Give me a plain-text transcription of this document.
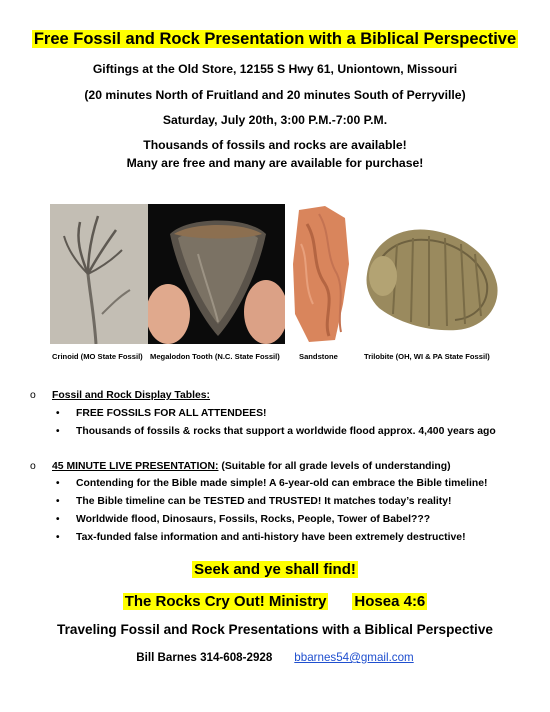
Free Fossil and Rock Presentation with a Biblical Perspective
Giftings at the Old Store, 12155 S Hwy 61, Uniontown, Missouri
(20 minutes North of Fruitland and 20 minutes South of Perryville)
Saturday, July 20th, 3:00 P.M.-7:00 P.M.
Thousands of fossils and rocks are available!
Many are free and many are available for purchase!
Crinoid (MO State Fossil) Megalodon Tooth (N.C. State Fossil)	Sandstone	Trilobite (OH, WI & PA State Fossil)
o Fossil and Rock Display Tables:
• FREE FOSSILS FOR ALL ATTENDEES!
• Thousands of fossils & rocks that support a worldwide flood approx. 4,400 years ago
o 45 MINUTE LIVE PRESENTATION: (Suitable for all grade levels of understanding)
• Contending for the Bible made simple! A 6-year-old can embrace the Bible timeline!
• The Bible timeline can be TESTED and TRUSTED! It matches today’s reality!
• Worldwide flood, Dinosaurs, Fossils, Rocks, People, Tower of Babel???
• Tax-funded false information and anti-history have been extremely destructive!
Seek and ye shall find!
The Rocks Cry Out! Ministry Hosea 4:6
Traveling Fossil and Rock Presentations with a Biblical Perspective
Bill Barnes 314-608-2928 bbarnes54@gmail.com
